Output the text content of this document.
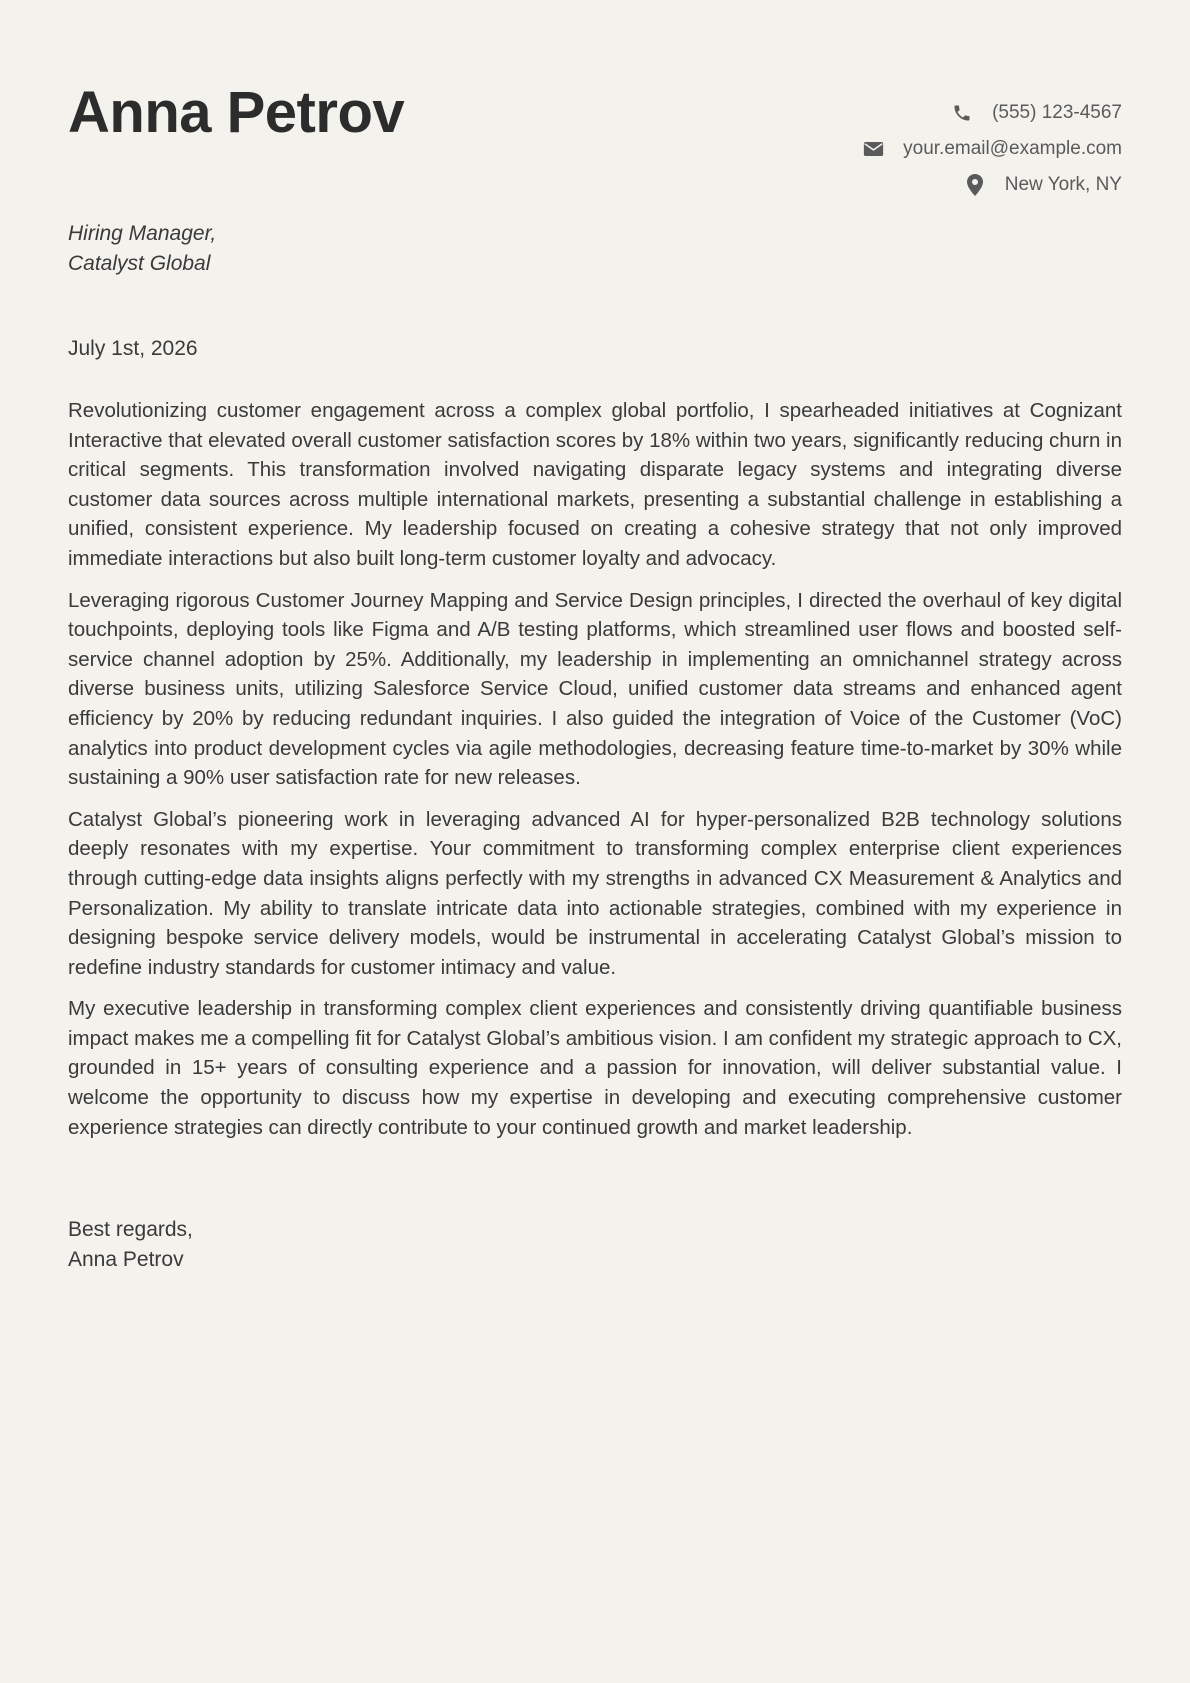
Anna Petrov	(555) 123-4567
your.email@example.com
New York, NY
Hiring Manager,
Catalyst Global
July 1st, 2026

Revolutionizing customer engagement across a complex global portfolio, I spearheaded initiatives at Cognizant Interactive that elevated overall customer satisfaction scores by 18% within two years, significantly reducing churn in critical segments. This transformation involved navigating disparate legacy systems and integrating diverse customer data sources across multiple international markets, presenting a substantial challenge in establishing a unified, consistent experience. My leadership focused on creating a cohesive strategy that not only improved immediate interactions but also built long-term customer loyalty and advocacy.

Leveraging rigorous Customer Journey Mapping and Service Design principles, I directed the overhaul of key digital touchpoints, deploying tools like Figma and A/B testing platforms, which streamlined user flows and boosted self-service channel adoption by 25%. Additionally, my leadership in implementing an omnichannel strategy across diverse business units, utilizing Salesforce Service Cloud, unified customer data streams and enhanced agent efficiency by 20% by reducing redundant inquiries. I also guided the integration of Voice of the Customer (VoC) analytics into product development cycles via agile methodologies, decreasing feature time-to-market by 30% while sustaining a 90% user satisfaction rate for new releases.

Catalyst Global’s pioneering work in leveraging advanced AI for hyper-personalized B2B technology solutions deeply resonates with my expertise. Your commitment to transforming complex enterprise client experiences through cutting-edge data insights aligns perfectly with my strengths in advanced CX Measurement & Analytics and Personalization. My ability to translate intricate data into actionable strategies, combined with my experience in designing bespoke service delivery models, would be instrumental in accelerating Catalyst Global’s mission to redefine industry standards for customer intimacy and value.

My executive leadership in transforming complex client experiences and consistently driving quantifiable business impact makes me a compelling fit for Catalyst Global’s ambitious vision. I am confident my strategic approach to CX, grounded in 15+ years of consulting experience and a passion for innovation, will deliver substantial value. I welcome the opportunity to discuss how my expertise in developing and executing comprehensive customer experience strategies can directly contribute to your continued growth and market leadership.

Best regards,
Anna Petrov
